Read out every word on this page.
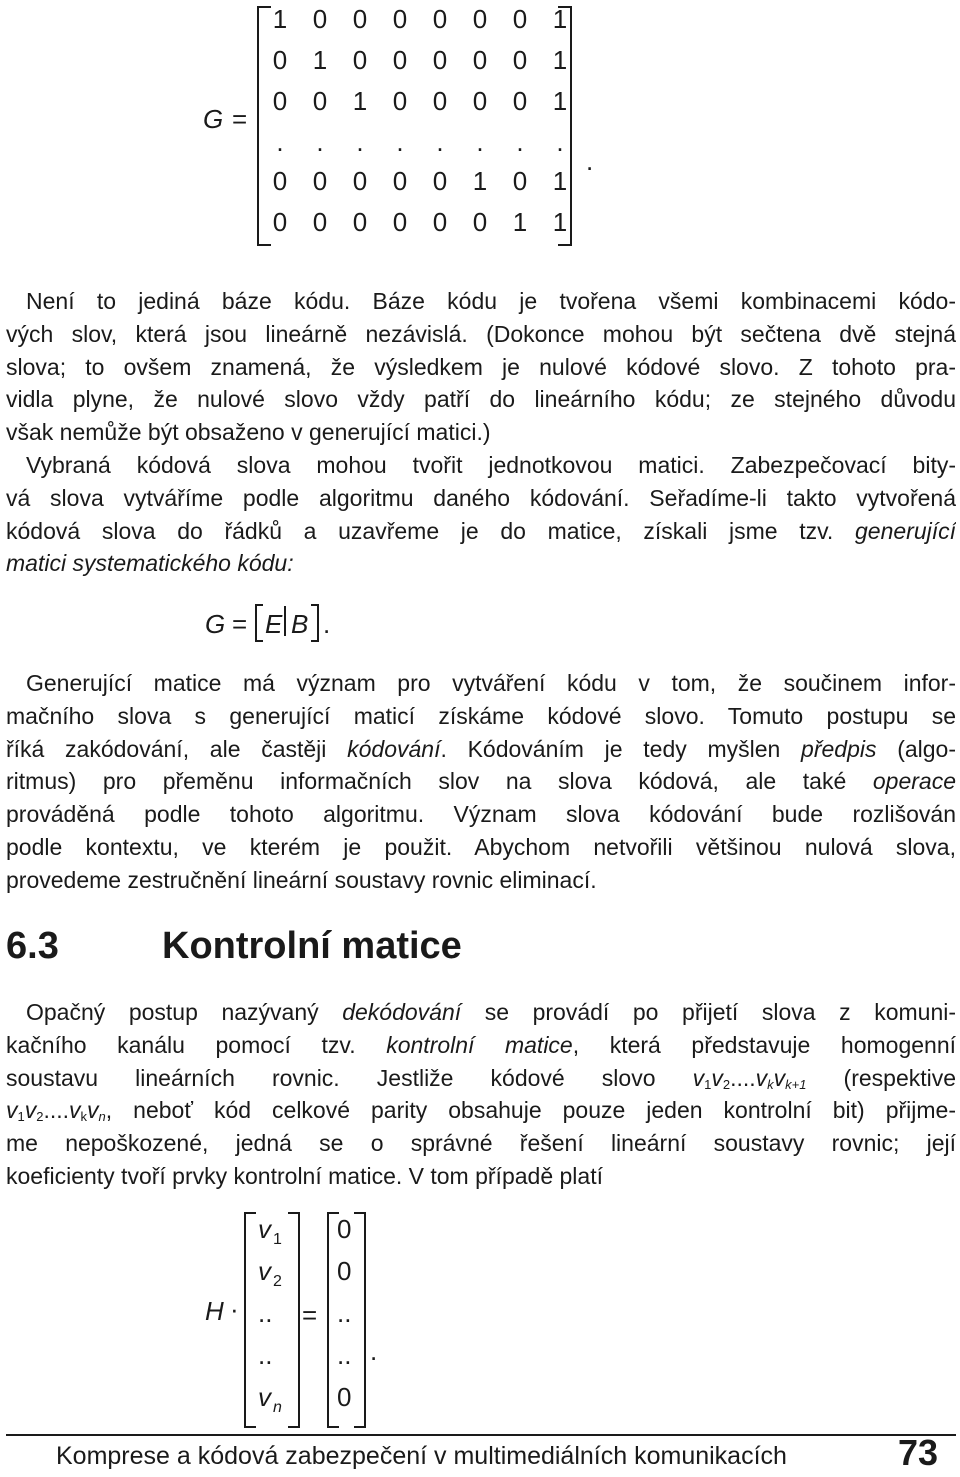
G =
1 0 0 0 0 0 0 1
0 1 0 0 0 0 0 1
0 0 1 0 0 0 0 1
. . . . . . . .
0 0 0 0 0 1 0 1
0 0 0 0 0 0 1 1
.
Není to jediná báze kódu. Báze kódu je tvořena všemi kombinacemi kódo-
vých slov, která jsou lineárně nezávislá. (Dokonce mohou být sečtena dvě stejná
slova; to ovšem znamená, že výsledkem je nulové kódové slovo. Z tohoto pra-
vidla plyne, že nulové slovo vždy patří do lineárního kódu; ze stejného důvodu
však nemůže být obsaženo v generující matici.)
Vybraná kódová slova mohou tvořit jednotkovou matici. Zabezpečovací bity-
vá slova vytváříme podle algoritmu daného kódování. Seřadíme-li takto vytvořená
kódová slova do řádků a uzavřeme je do matice, získali jsme tzv. generující
matici systematického kódu:
G = E B .
Generující matice má význam pro vytváření kódu v tom, že součinem infor-
mačního slova s generující maticí získáme kódové slovo. Tomuto postupu se
říká zakódování, ale častěji kódování. Kódováním je tedy myšlen předpis (algo-
ritmus) pro přeměnu informačních slov na slova kódová, ale také operace
prováděná podle tohoto algoritmu. Význam slova kódování bude rozlišován
podle kontextu, ve kterém je použit. Abychom netvořili většinou nulová slova,
provedeme zestručnění lineární soustavy rovnic eliminací.
6.3	Kontrolní matice
Opačný postup nazývaný dekódování se provádí po přijetí slova z komuni-
kačního kanálu pomocí tzv. kontrolní matice, která představuje homogenní
soustavu lineárních rovnic. Jestliže kódové slovo $v_1v_2....v_kv_{k+1}$ (respektive
$v_1v_2....v_kv_n$, neboť kód celkové parity obsahuje pouze jeden kontrolní bit) přijme-
me nepoškozené, jedná se o správné řešení lineární soustavy rovnic; její
koeficienty tvoří prvky kontrolní matice. V tom případě platí
H ·
v $_1$
v $_2$
..
..
v $_n$
=
0
0
..
..
0
.
Komprese a kódová zabezpečení v multimediálních komunikacích	73
